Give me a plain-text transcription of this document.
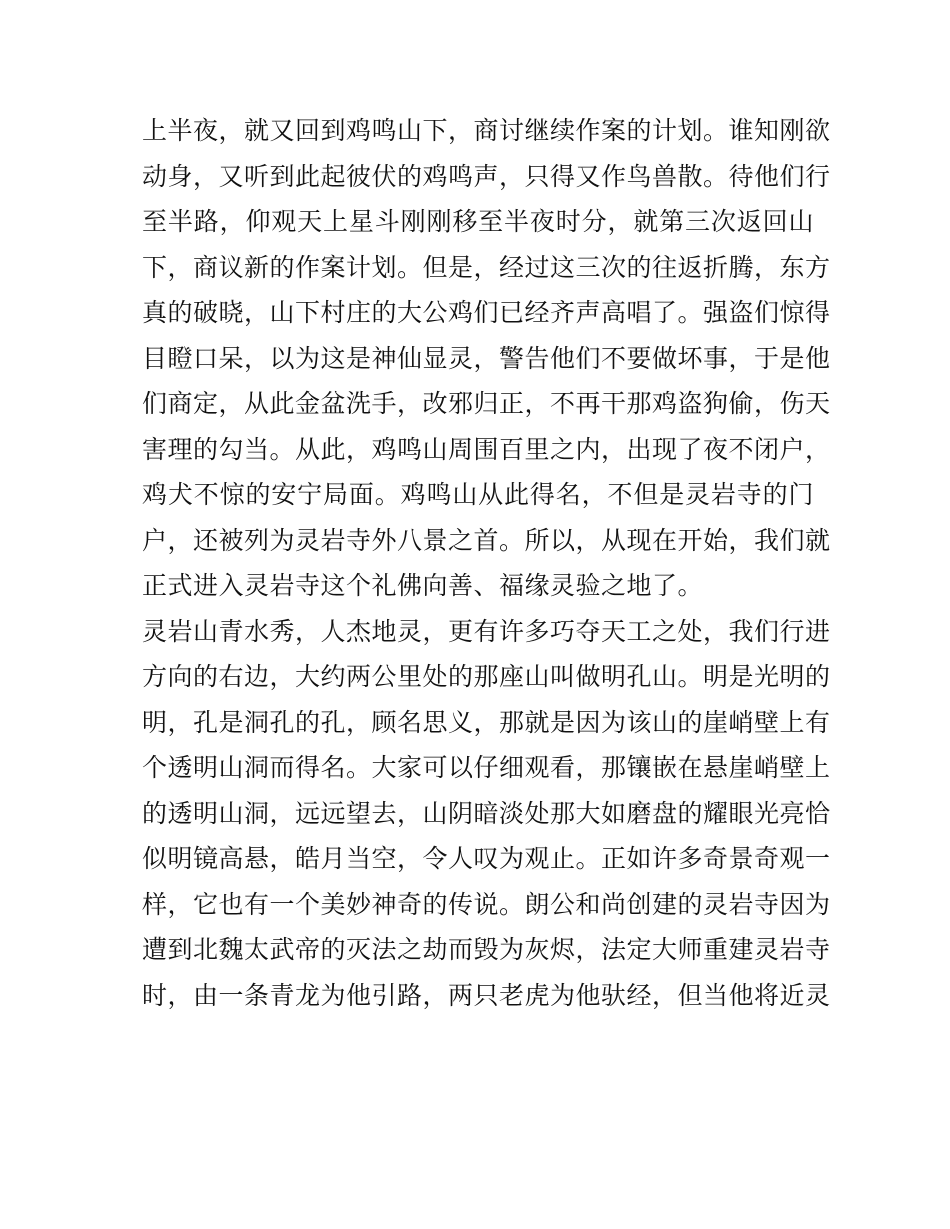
上半夜，就又回到鸡鸣山下，商讨继续作案的计划。谁知刚欲
动身，又听到此起彼伏的鸡鸣声，只得又作鸟兽散。待他们行
至半路，仰观天上星斗刚刚移至半夜时分，就第三次返回山
下，商议新的作案计划。但是，经过这三次的往返折腾，东方
真的破晓，山下村庄的大公鸡们已经齐声高唱了。强盗们惊得
目瞪口呆，以为这是神仙显灵，警告他们不要做坏事，于是他
们商定，从此金盆洗手，改邪归正，不再干那鸡盗狗偷，伤天
害理的勾当。从此，鸡鸣山周围百里之内，出现了夜不闭户，
鸡犬不惊的安宁局面。鸡鸣山从此得名，不但是灵岩寺的门
户，还被列为灵岩寺外八景之首。所以，从现在开始，我们就
正式进入灵岩寺这个礼佛向善、福缘灵验之地了。
灵岩山青水秀，人杰地灵，更有许多巧夺天工之处，我们行进
方向的右边，大约两公里处的那座山叫做明孔山。明是光明的
明，孔是洞孔的孔，顾名思义，那就是因为该山的崖峭壁上有
个透明山洞而得名。大家可以仔细观看，那镶嵌在悬崖峭壁上
的透明山洞，远远望去，山阴暗淡处那大如磨盘的耀眼光亮恰
似明镜高悬，皓月当空，令人叹为观止。正如许多奇景奇观一
样，它也有一个美妙神奇的传说。朗公和尚创建的灵岩寺因为
遭到北魏太武帝的灭法之劫而毁为灰烬，法定大师重建灵岩寺
时，由一条青龙为他引路，两只老虎为他驮经，但当他将近灵
